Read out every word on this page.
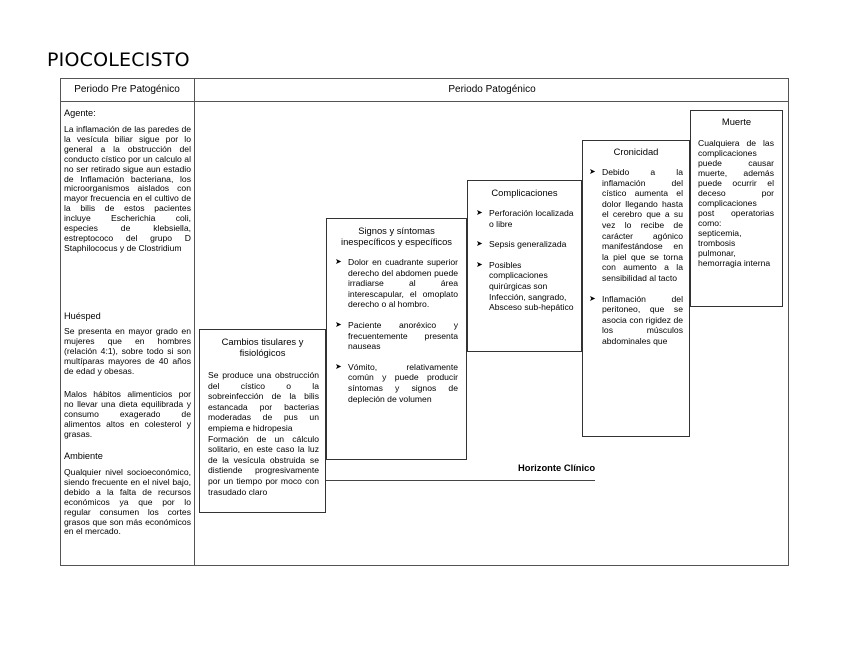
PIOCOLECISTO
Periodo Pre Patogénico	Periodo Patogénico
Agente:
La inflamación de las paredes de la vesícula biliar sigue por lo general a la obstrucción del conducto cístico por un calculo al no ser retirado sigue aun estadio de Inflamación bacteriana, los microorganismos aislados con mayor frecuencia en el cultivo de la bilis de estos pacientes incluye Escherichia coli, especies de klebsiella, estreptococo del grupo D Staphilococus y de Clostridium
Huésped
Se presenta en mayor grado en mujeres que en hombres (relación 4:1), sobre todo si son multíparas mayores de 40 años de edad y obesas.
Malos hábitos alimenticios por no llevar una dieta equilibrada y consumo exagerado de alimentos altos en colesterol y grasas.
Ambiente
Qualquier nivel socioeconómico, siendo frecuente en el nivel bajo, debido a la falta de recursos económicos ya que por lo regular consumen los cortes grasos que son más económicos en el mercado.
Horizonte Clínico
Cambios tisulares y fisiológicos
Se produce una obstrucción del cístico o la sobreinfección de la bilis estancada por bacterias moderadas de pus un empiema e hidropesia
Formación de un cálculo solitario, en este caso la luz de la vesícula obstruida se distiende progresivamente por un tiempo por moco con trasudado claro
Signos y síntomas inespecíficos y específicos
➤ Dolor en cuadrante superior derecho del abdomen puede irradiarse al área interescapular, el omoplato derecho o al hombro.
➤ Paciente anoréxico y frecuentemente presenta nauseas
➤ Vómito, relativamente común y puede producir síntomas y signos de depleción de volumen
Complicaciones
➤ Perforación localizada o libre
➤ Sepsis generalizada
➤ Posibles complicaciones quirúrgicas son Infección, sangrado, Absceso sub-hepático
Cronicidad
➤ Debido a la inflamación del cístico aumenta el dolor llegando hasta el cerebro que a su vez lo recibe de carácter agónico manifestándose en la piel que se torna con aumento a la sensibilidad al tacto
➤ Inflamación del peritoneo, que se asocia con rigidez de los músculos abdominales que
Muerte
Cualquiera de las complicaciones puede causar muerte, además puede ocurrir el deceso por complicaciones post operatorias como:
septicemia, trombosis pulmonar, hemorragia interna
